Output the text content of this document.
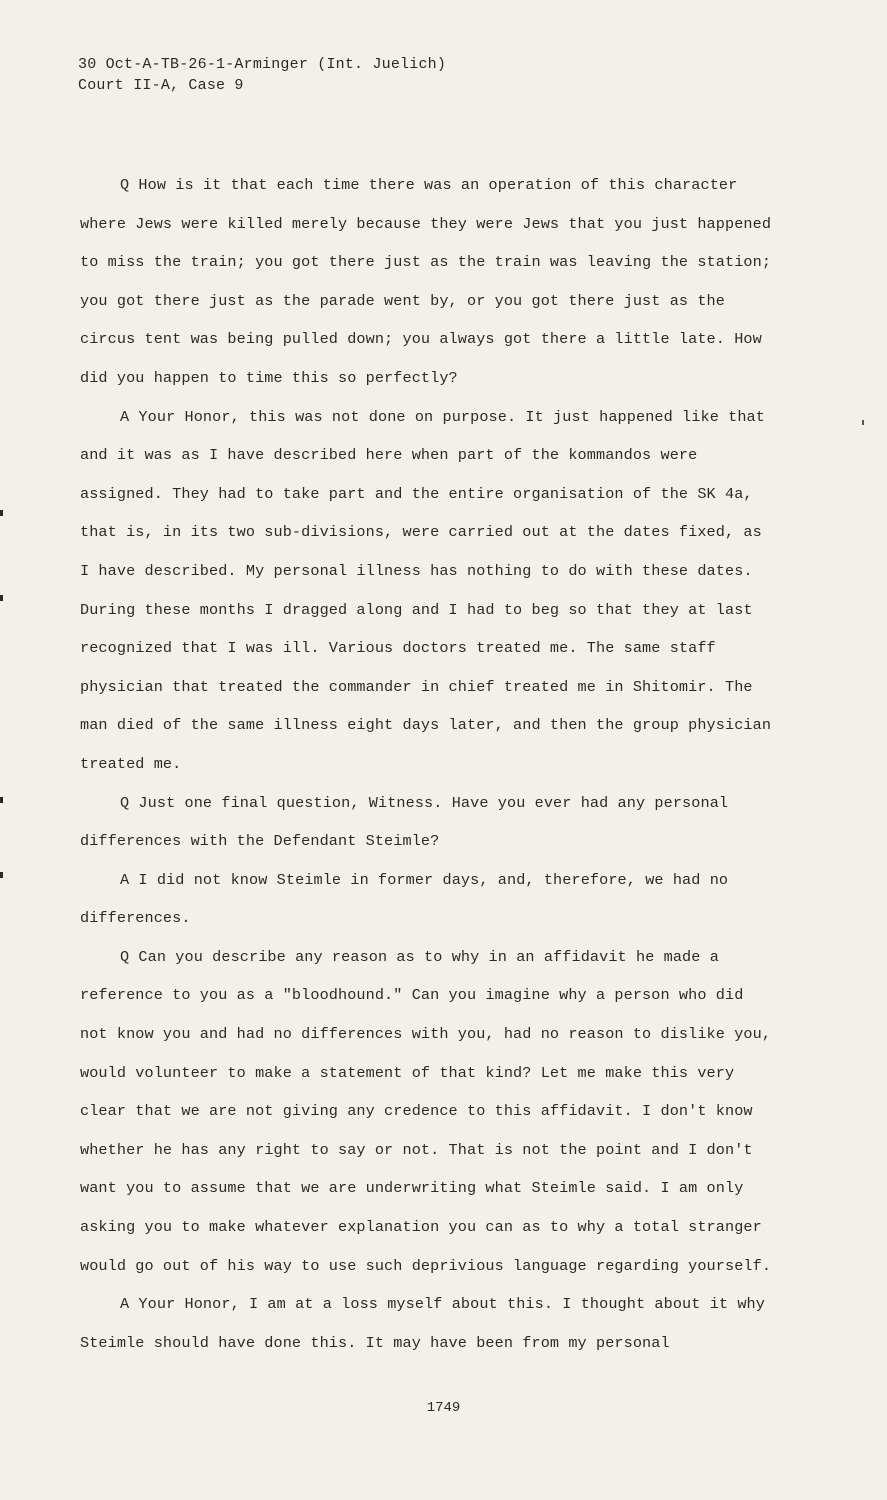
30 Oct-A-TB-26-1-Arminger (Int. Juelich)
Court II-A, Case 9

Q How is it that each time there was an operation of this character where Jews were killed merely because they were Jews that you just happened to miss the train; you got there just as the train was leaving the station; you got there just as the parade went by, or you got there just as the circus tent was being pulled down; you always got there a little late. How did you happen to time this so perfectly?

A Your Honor, this was not done on purpose. It just happened like that and it was as I have described here when part of the kommandos were assigned. They had to take part and the entire organisation of the SK 4a, that is, in its two sub-divisions, were carried out at the dates fixed, as I have described. My personal illness has nothing to do with these dates. During these months I dragged along and I had to beg so that they at last recognized that I was ill. Various doctors treated me. The same staff physician that treated the commander in chief treated me in Shitomir. The man died of the same illness eight days later, and then the group physician treated me.

Q Just one final question, Witness. Have you ever had any personal differences with the Defendant Steimle?

A I did not know Steimle in former days, and, therefore, we had no differences.

Q Can you describe any reason as to why in an affidavit he made a reference to you as a "bloodhound." Can you imagine why a person who did not know you and had no differences with you, had no reason to dislike you, would volunteer to make a statement of that kind? Let me make this very clear that we are not giving any credence to this affidavit. I don't know whether he has any right to say or not. That is not the point and I don't want you to assume that we are underwriting what Steimle said. I am only asking you to make whatever explanation you can as to why a total stranger would go out of his way to use such deprivious language regarding yourself.

A Your Honor, I am at a loss myself about this. I thought about it why Steimle should have done this. It may have been from my personal

1749
